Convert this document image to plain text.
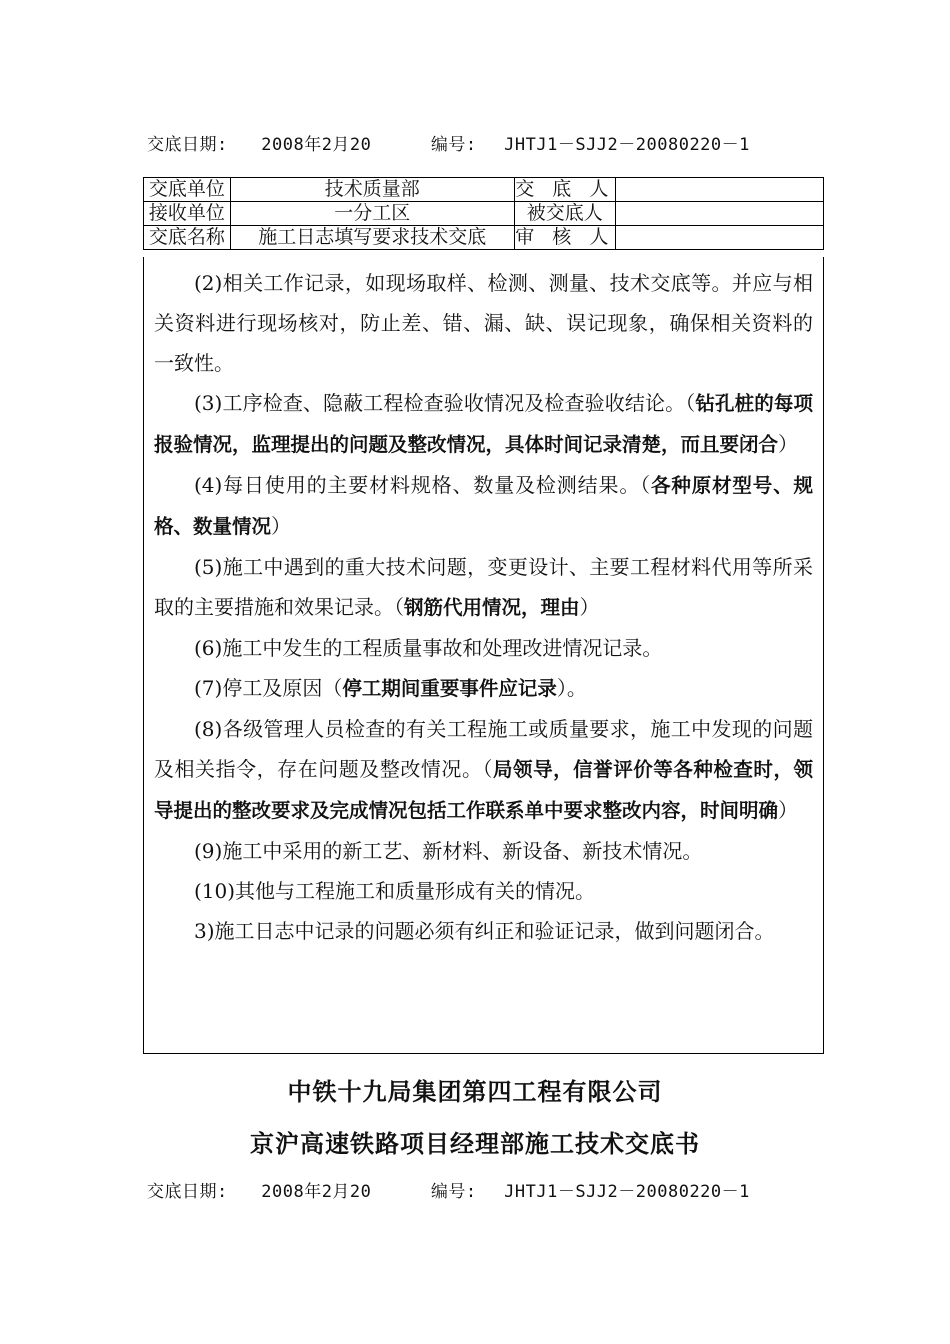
交底日期: 2008年2月20	编号: JHTJ1－SJJ2－20080220－1
交底单位	技术质量部	交 底 人	
接收单位	一分工区	被交底人	
交底名称	施工日志填写要求技术交底	审 核 人	

(2)相关工作记录，如现场取样、检测、测量、技术交底等。并应与相关资料进行现场核对，防止差、错、漏、缺、误记现象，确保相关资料的一致性。

(3)工序检查、隐蔽工程检查验收情况及检查验收结论。（钻孔桩的每项报验情况，监理提出的问题及整改情况，具体时间记录清楚，而且要闭合）

(4)每日使用的主要材料规格、数量及检测结果。（各种原材型号、规格、数量情况）

(5)施工中遇到的重大技术问题，变更设计、主要工程材料代用等所采取的主要措施和效果记录。（钢筋代用情况，理由）

(6)施工中发生的工程质量事故和处理改进情况记录。

(7)停工及原因（停工期间重要事件应记录）。

(8)各级管理人员检查的有关工程施工或质量要求，施工中发现的问题及相关指令，存在问题及整改情况。（局领导，信誉评价等各种检查时，领导提出的整改要求及完成情况包括工作联系单中要求整改内容，时间明确）

(9)施工中采用的新工艺、新材料、新设备、新技术情况。

(10)其他与工程施工和质量形成有关的情况。

3)施工日志中记录的问题必须有纠正和验证记录，做到问题闭合。

中铁十九局集团第四工程有限公司
京沪高速铁路项目经理部施工技术交底书
交底日期: 2008年2月20	编号: JHTJ1－SJJ2－20080220－1
